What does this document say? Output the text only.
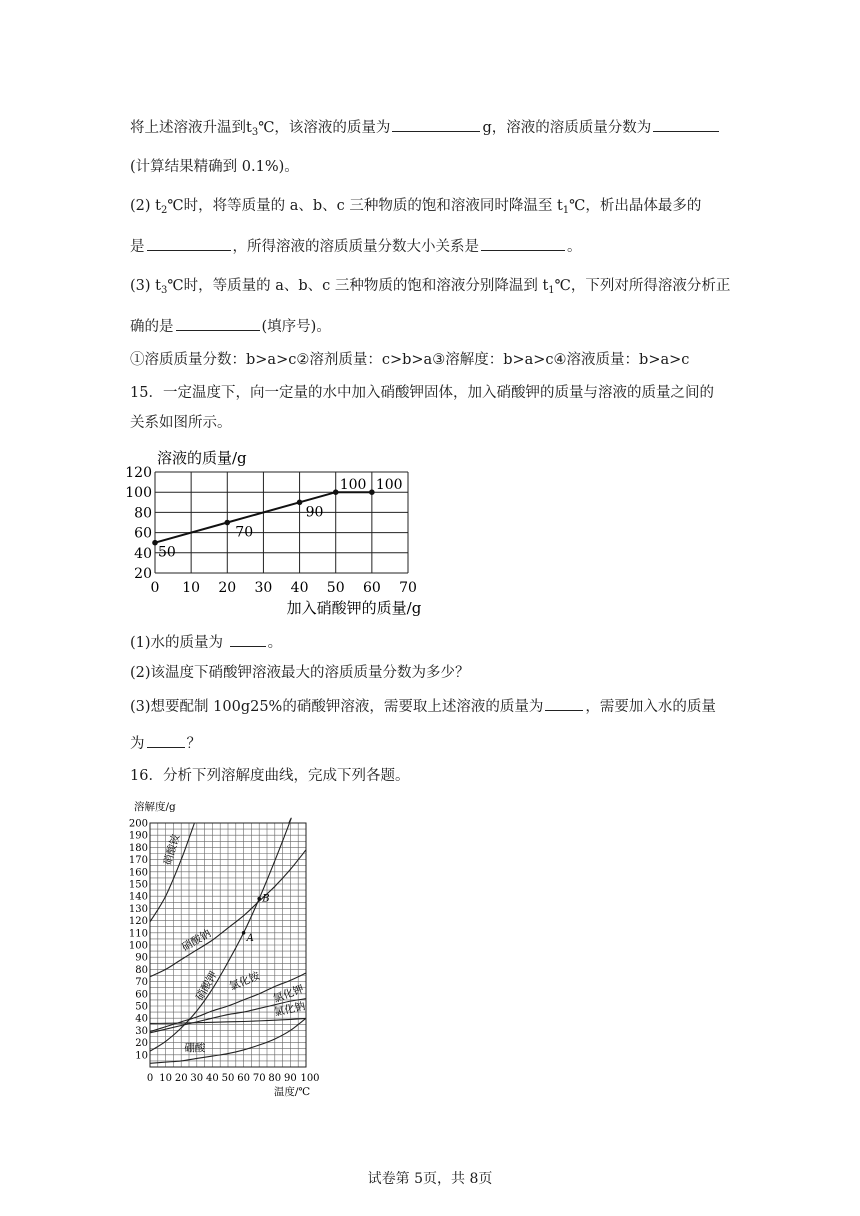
将上述溶液升温到$t_3℃$，该溶液的质量为	g，溶液的溶质质量分数为
(计算结果精确到 0.1%)。
(2) $t_2℃$时，将等质量的 a、b、c 三种物质的饱和溶液同时降温至 $t_1℃$，析出晶体最多的
是	，所得溶液的溶质质量分数大小关系是	。
(3) $t_3℃$时，等质量的 a、b、c 三种物质的饱和溶液分别降温到 $t_1℃$，下列对所得溶液分析正
确的是	(填序号)。
①溶质质量分数：b>a>c②溶剂质量：c>b>a③溶解度：b>a>c④溶液质量：b>a>c
15．一定温度下，向一定量的水中加入硝酸钾固体，加入硝酸钾的质量与溶液的质量之间的
关系如图所示。
溶液的质量/g
120
100
80
60
40
20
0 10 20 30 40 50 60 70
加入硝酸钾的质量/g
50
70
90
100 100
(1)水的质量为	。
(2)该温度下硝酸钾溶液最大的溶质质量分数为多少？
(3)想要配制 100g25%的硝酸钾溶液，需要取上述溶液的质量为	，需要加入水的质量
为	？
16．分析下列溶解度曲线，完成下列各题。
溶解度/g
200
190
180
170
160
150
140
130
120
110
100
90
80
70
60
50
40
30
20
10
0 10 20 30 40 50 60 70 80 90 100
温度/℃
硝酸铵
硝酸钠
硝酸钾 氯化铵
氯化钾
氯化钠
硼酸
A
B
试卷第 5页，共 8页
